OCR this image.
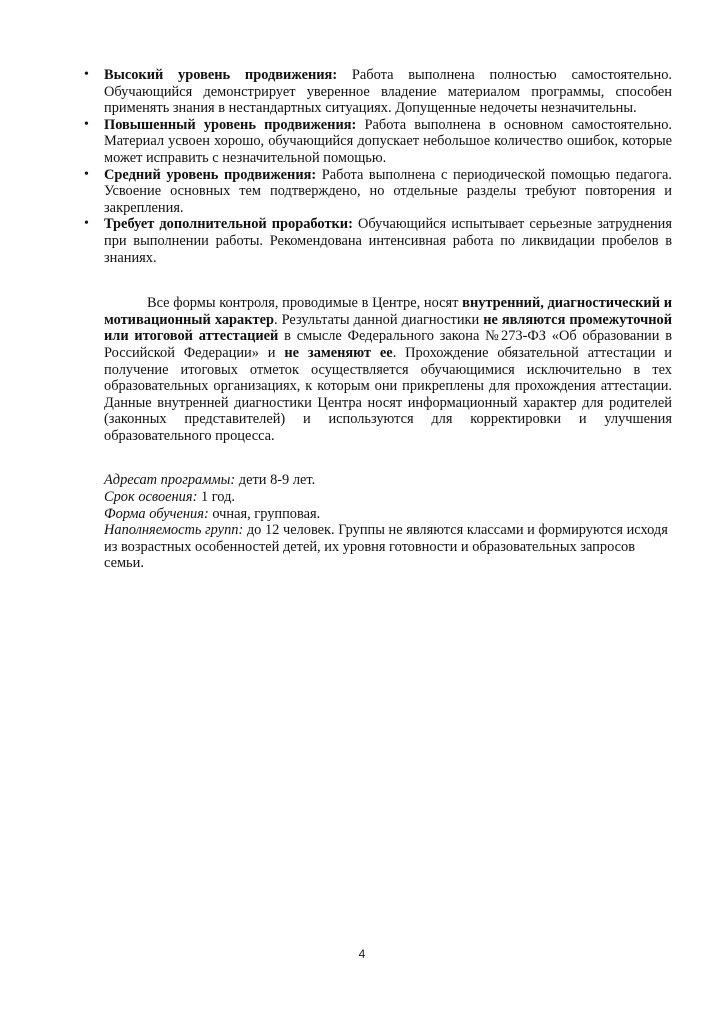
• Высокий уровень продвижения: Работа выполнена полностью самостоятельно. Обучающийся демонстрирует уверенное владение материалом программы, способен применять знания в нестандартных ситуациях. Допущенные недочеты незначительны.
• Повышенный уровень продвижения: Работа выполнена в основном самостоятельно. Материал усвоен хорошо, обучающийся допускает небольшое количество ошибок, которые может исправить с незначительной помощью.
• Средний уровень продвижения: Работа выполнена с периодической помощью педагога. Усвоение основных тем подтверждено, но отдельные разделы требуют повторения и закрепления.
• Требует дополнительной проработки: Обучающийся испытывает серьезные затруднения при выполнении работы. Рекомендована интенсивная работа по ликвидации пробелов в знаниях.

Все формы контроля, проводимые в Центре, носят внутренний, диагностический и мотивационный характер. Результаты данной диагностики не являются промежуточной или итоговой аттестацией в смысле Федерального закона №273-ФЗ «Об образовании в Российской Федерации» и не заменяют ее. Прохождение обязательной аттестации и получение итоговых отметок осуществляется обучающимися исключительно в тех образовательных организациях, к которым они прикреплены для прохождения аттестации. Данные внутренней диагностики Центра носят информационный характер для родителей (законных представителей) и используются для корректировки и улучшения образовательного процесса.

Адресат программы: дети 8-9 лет.

Срок освоения: 1 год.

Форма обучения: очная, групповая.

Наполняемость групп: до 12 человек. Группы не являются классами и формируются исходя из возрастных особенностей детей, их уровня готовности и образовательных запросов семьи.

4
